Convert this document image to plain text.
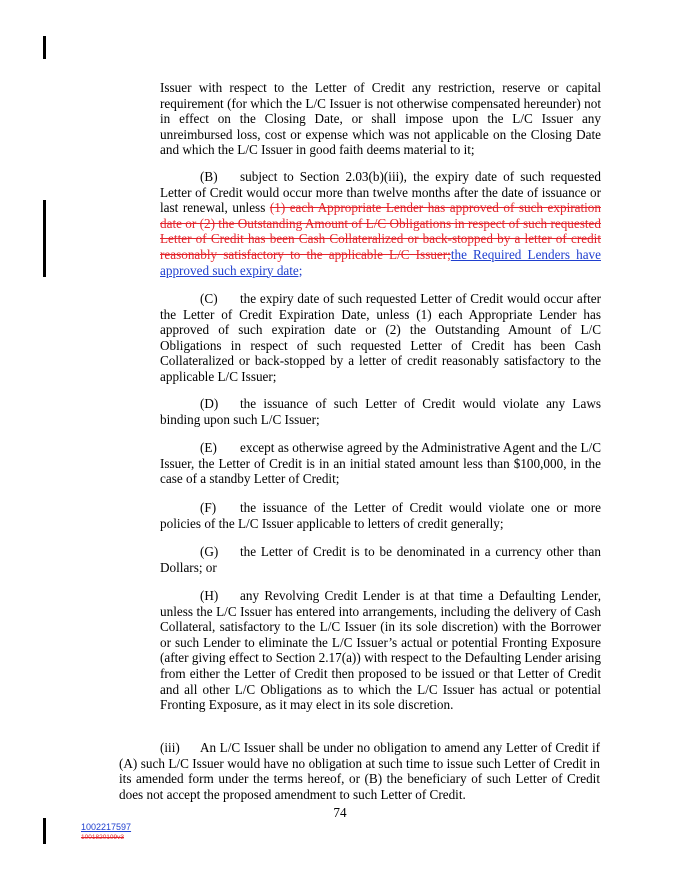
Issuer with respect to the Letter of Credit any restriction, reserve or capital requirement (for which the L/C Issuer is not otherwise compensated hereunder) not in effect on the Closing Date, or shall impose upon the L/C Issuer any unreimbursed loss, cost or expense which was not applicable on the Closing Date and which the L/C Issuer in good faith deems material to it;
(B) subject to Section 2.03(b)(iii), the expiry date of such requested Letter of Credit would occur more than twelve months after the date of issuance or last renewal, unless (1) each Appropriate Lender has approved of such expiration date or (2) the Outstanding Amount of L/C Obligations in respect of such requested Letter of Credit has been Cash Collateralized or back-stopped by a letter of credit reasonably satisfactory to the applicable L/C Issuer;the Required Lenders have approved such expiry date;
(C) the expiry date of such requested Letter of Credit would occur after the Letter of Credit Expiration Date, unless (1) each Appropriate Lender has approved of such expiration date or (2) the Outstanding Amount of L/C Obligations in respect of such requested Letter of Credit has been Cash Collateralized or back-stopped by a letter of credit reasonably satisfactory to the applicable L/C Issuer;
(D) the issuance of such Letter of Credit would violate any Laws binding upon such L/C Issuer;
(E) except as otherwise agreed by the Administrative Agent and the L/C Issuer, the Letter of Credit is in an initial stated amount less than $100,000, in the case of a standby Letter of Credit;
(F) the issuance of the Letter of Credit would violate one or more policies of the L/C Issuer applicable to letters of credit generally;
(G) the Letter of Credit is to be denominated in a currency other than Dollars; or
(H) any Revolving Credit Lender is at that time a Defaulting Lender, unless the L/C Issuer has entered into arrangements, including the delivery of Cash Collateral, satisfactory to the L/C Issuer (in its sole discretion) with the Borrower or such Lender to eliminate the L/C Issuer’s actual or potential Fronting Exposure (after giving effect to Section 2.17(a)) with respect to the Defaulting Lender arising from either the Letter of Credit then proposed to be issued or that Letter of Credit and all other L/C Obligations as to which the L/C Issuer has actual or potential Fronting Exposure, as it may elect in its sole discretion.
(iii) An L/C Issuer shall be under no obligation to amend any Letter of Credit if (A) such L/C Issuer would have no obligation at such time to issue such Letter of Credit in its amended form under the terms hereof, or (B) the beneficiary of such Letter of Credit does not accept the proposed amendment to such Letter of Credit.
74
1002217597
1001820109v3
